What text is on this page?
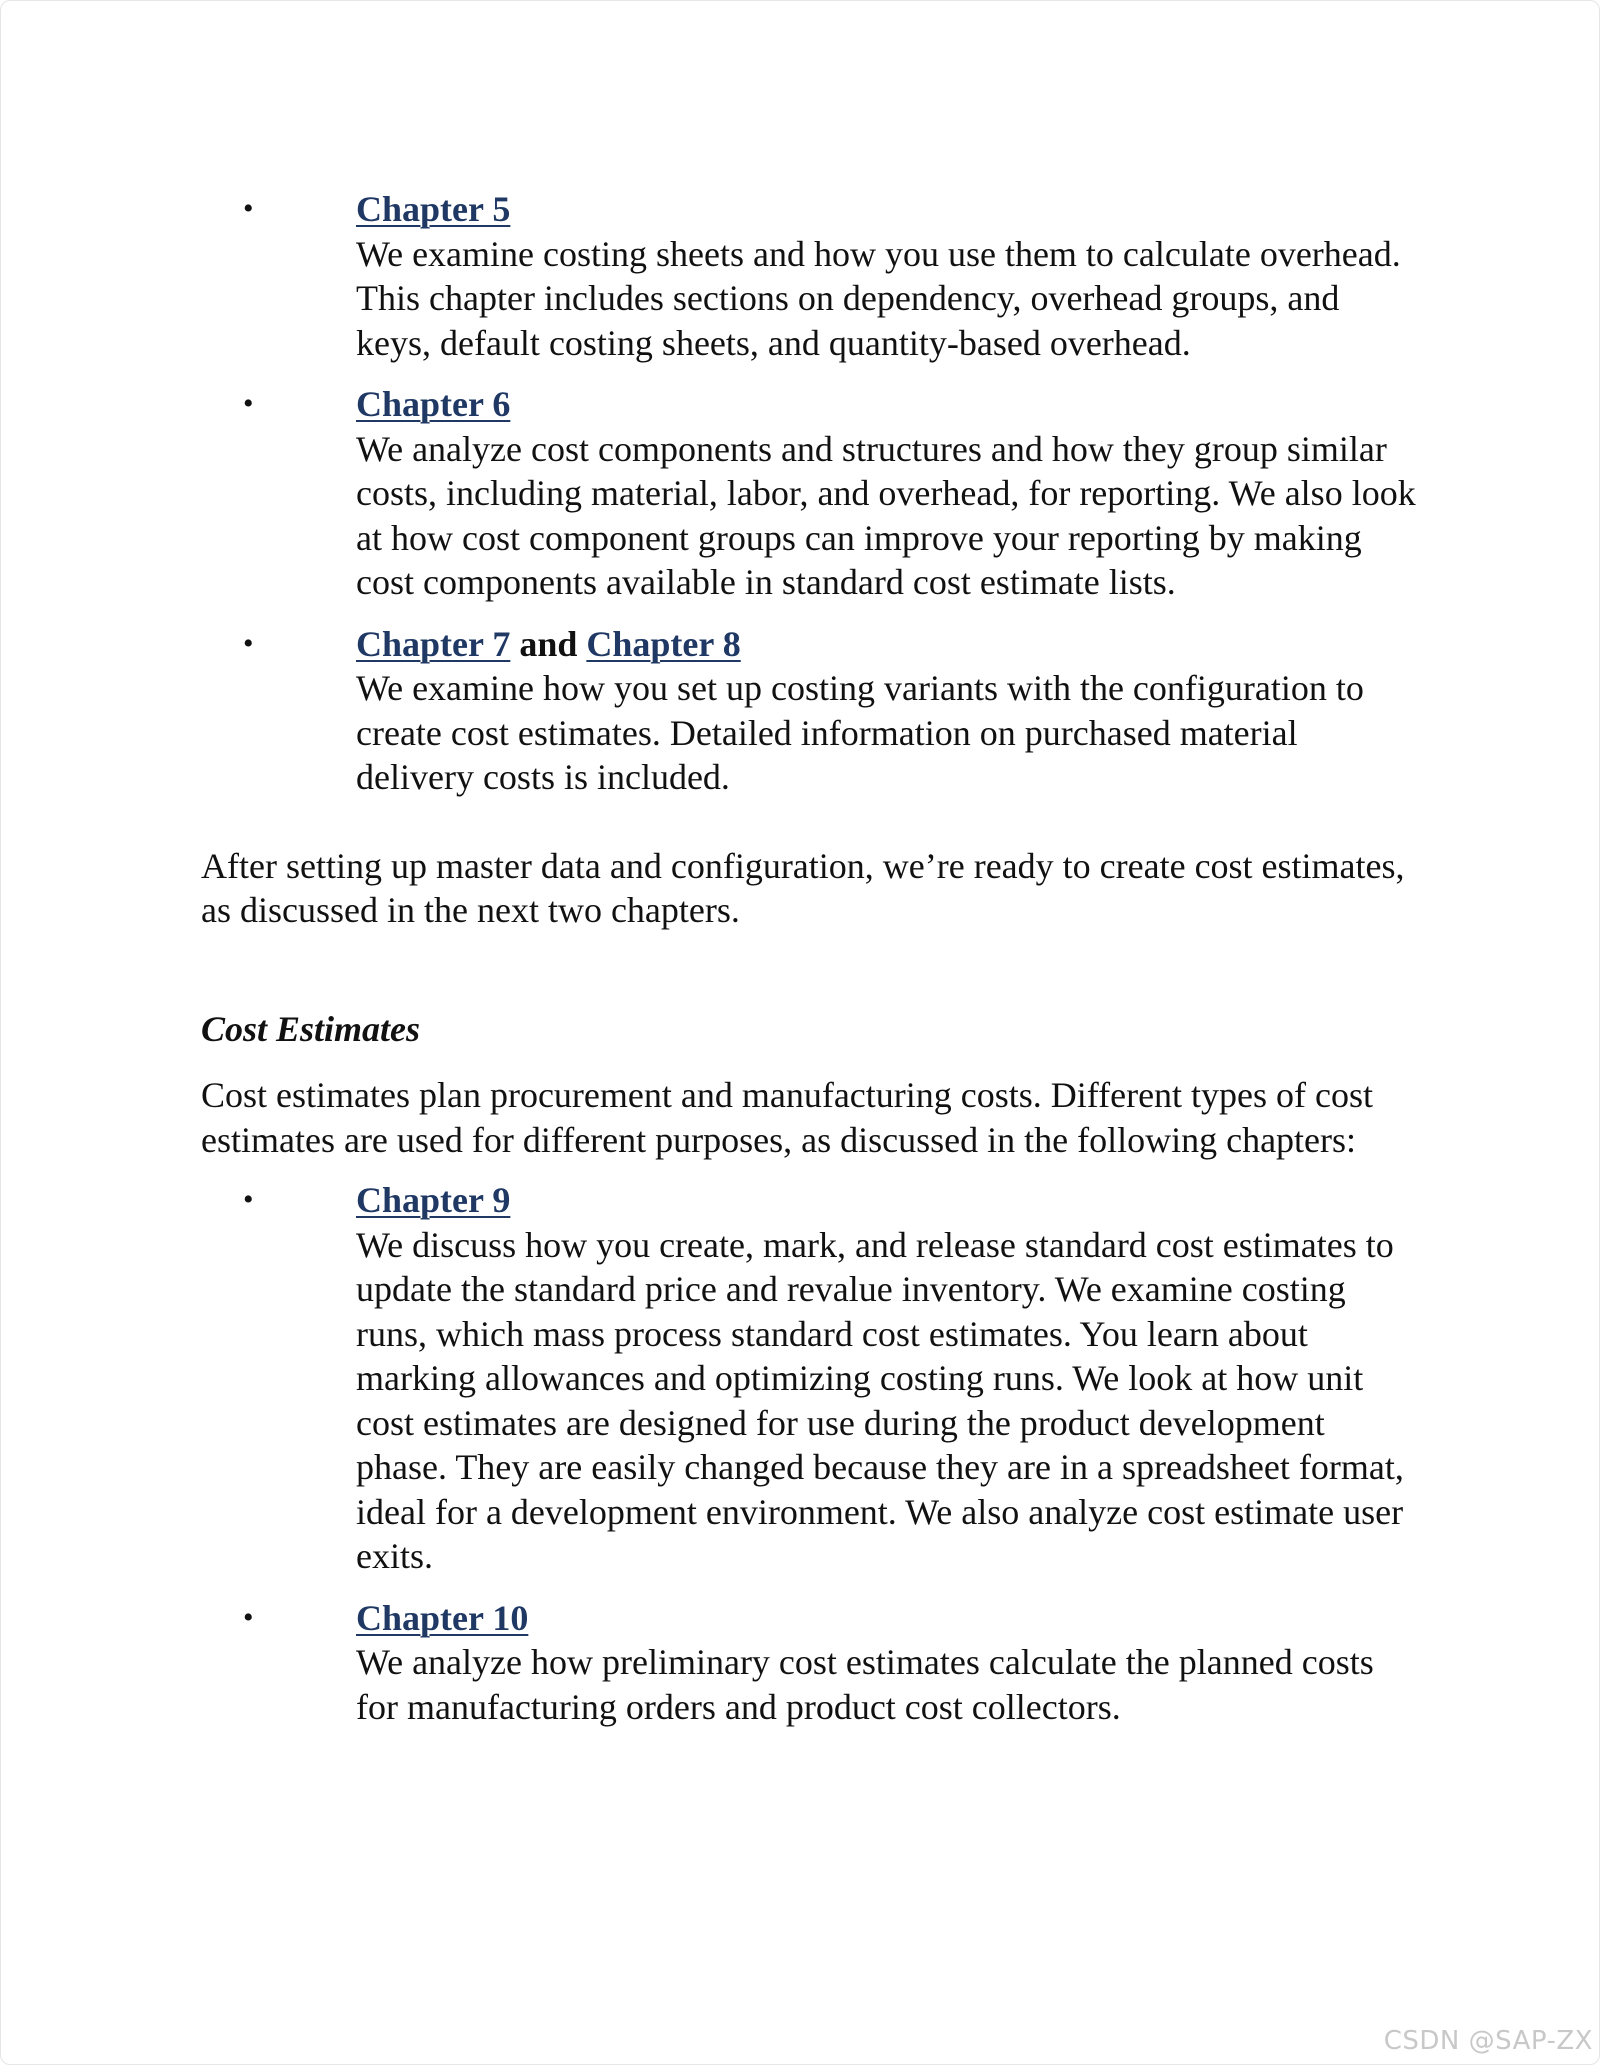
•	Chapter 5
We examine costing sheets and how you use them to calculate overhead. This chapter includes sections on dependency, overhead groups, and keys, default costing sheets, and quantity-based overhead.
•	Chapter 6
We analyze cost components and structures and how they group similar costs, including material, labor, and overhead, for reporting. We also look at how cost component groups can improve your reporting by making cost components available in standard cost estimate lists.
•	Chapter 7 and Chapter 8
We examine how you set up costing variants with the configuration to create cost estimates. Detailed information on purchased material delivery costs is included.

After setting up master data and configuration, we’re ready to create cost estimates, as discussed in the next two chapters.

Cost Estimates

Cost estimates plan procurement and manufacturing costs. Different types of cost estimates are used for different purposes, as discussed in the following chapters:

•	Chapter 9
We discuss how you create, mark, and release standard cost estimates to update the standard price and revalue inventory. We examine costing runs, which mass process standard cost estimates. You learn about marking allowances and optimizing costing runs. We look at how unit cost estimates are designed for use during the product development phase. They are easily changed because they are in a spreadsheet format, ideal for a development environment. We also analyze cost estimate user exits.
•	Chapter 10
We analyze how preliminary cost estimates calculate the planned costs for manufacturing orders and product cost collectors.
CSDN @SAP-ZX
